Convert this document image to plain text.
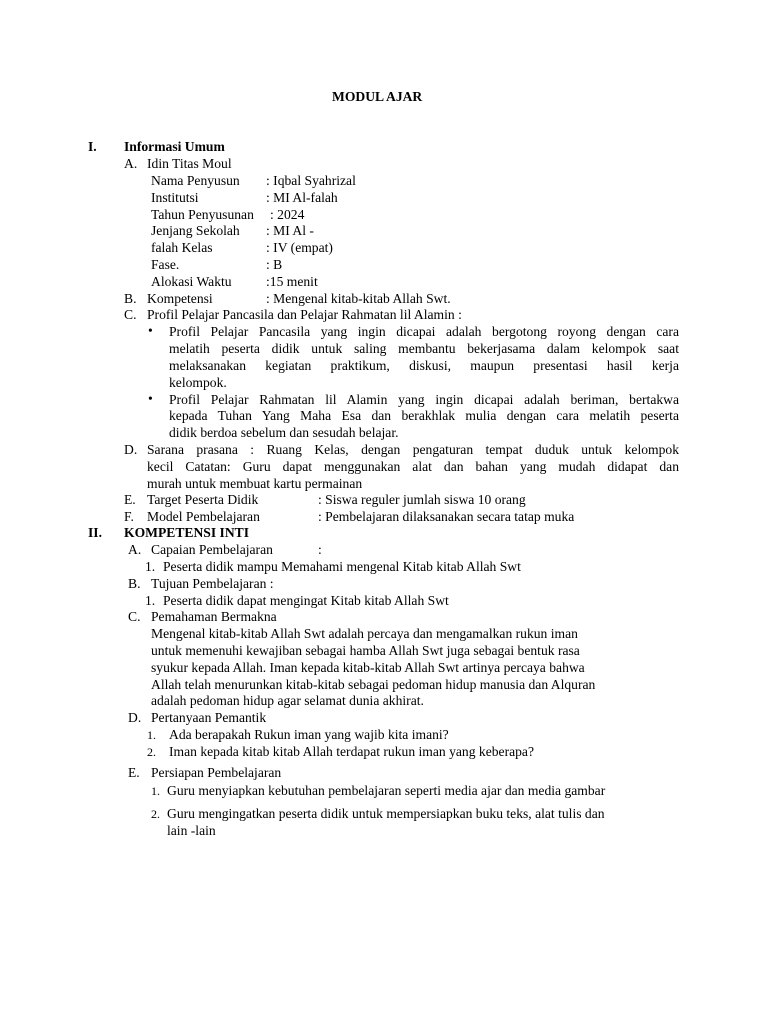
MODUL AJAR
I. Informasi Umum
A. Idin Titas Moul
Nama Penyusun : Iqbal Syahrizal
Institutsi	: MI Al-falah
Tahun Penyusunan : 2024
Jenjang Sekolah : MI Al -
falah Kelas	: IV (empat)
Fase.	: B
Alokasi Waktu	:15 menit
B. Kompetensi	: Mengenal kitab-kitab Allah Swt.
C. Profil Pelajar Pancasila dan Pelajar Rahmatan lil Alamin :
• Profil Pelajar Pancasila yang ingin dicapai adalah bergotong royong dengan cara
melatih peserta didik untuk saling membantu bekerjasama dalam kelompok saat
melaksanakan kegiatan praktikum, diskusi, maupun presentasi hasil kerja
kelompok.
• Profil Pelajar Rahmatan lil Alamin yang ingin dicapai adalah beriman, bertakwa
kepada Tuhan Yang Maha Esa dan berakhlak mulia dengan cara melatih peserta
didik berdoa sebelum dan sesudah belajar.
D. Sarana prasana : Ruang Kelas, dengan pengaturan tempat duduk untuk kelompok
kecil Catatan: Guru dapat menggunakan alat dan bahan yang mudah didapat dan
murah untuk membuat kartu permainan
E. Target Peserta Didik	: Siswa reguler jumlah siswa 10 orang
F. Model Pembelajaran	: Pembelajaran dilaksanakan secara tatap muka
II. KOMPETENSI INTI
A. Capaian Pembelajaran	:
1. Peserta didik mampu Memahami mengenal Kitab kitab Allah Swt
B. Tujuan Pembelajaran :
1. Peserta didik dapat mengingat Kitab kitab Allah Swt
C. Pemahaman Bermakna
Mengenal kitab-kitab Allah Swt adalah percaya dan mengamalkan rukun iman
untuk memenuhi kewajiban sebagai hamba Allah Swt juga sebagai bentuk rasa
syukur kepada Allah. Iman kepada kitab-kitab Allah Swt artinya percaya bahwa
Allah telah menurunkan kitab-kitab sebagai pedoman hidup manusia dan Alquran
adalah pedoman hidup agar selamat dunia akhirat.
D. Pertanyaan Pemantik
1. Ada berapakah Rukun iman yang wajib kita imani?
2. Iman kepada kitab kitab Allah terdapat rukun iman yang keberapa?
E. Persiapan Pembelajaran
1. Guru menyiapkan kebutuhan pembelajaran seperti media ajar dan media gambar
2. Guru mengingatkan peserta didik untuk mempersiapkan buku teks, alat tulis dan
lain -lain
